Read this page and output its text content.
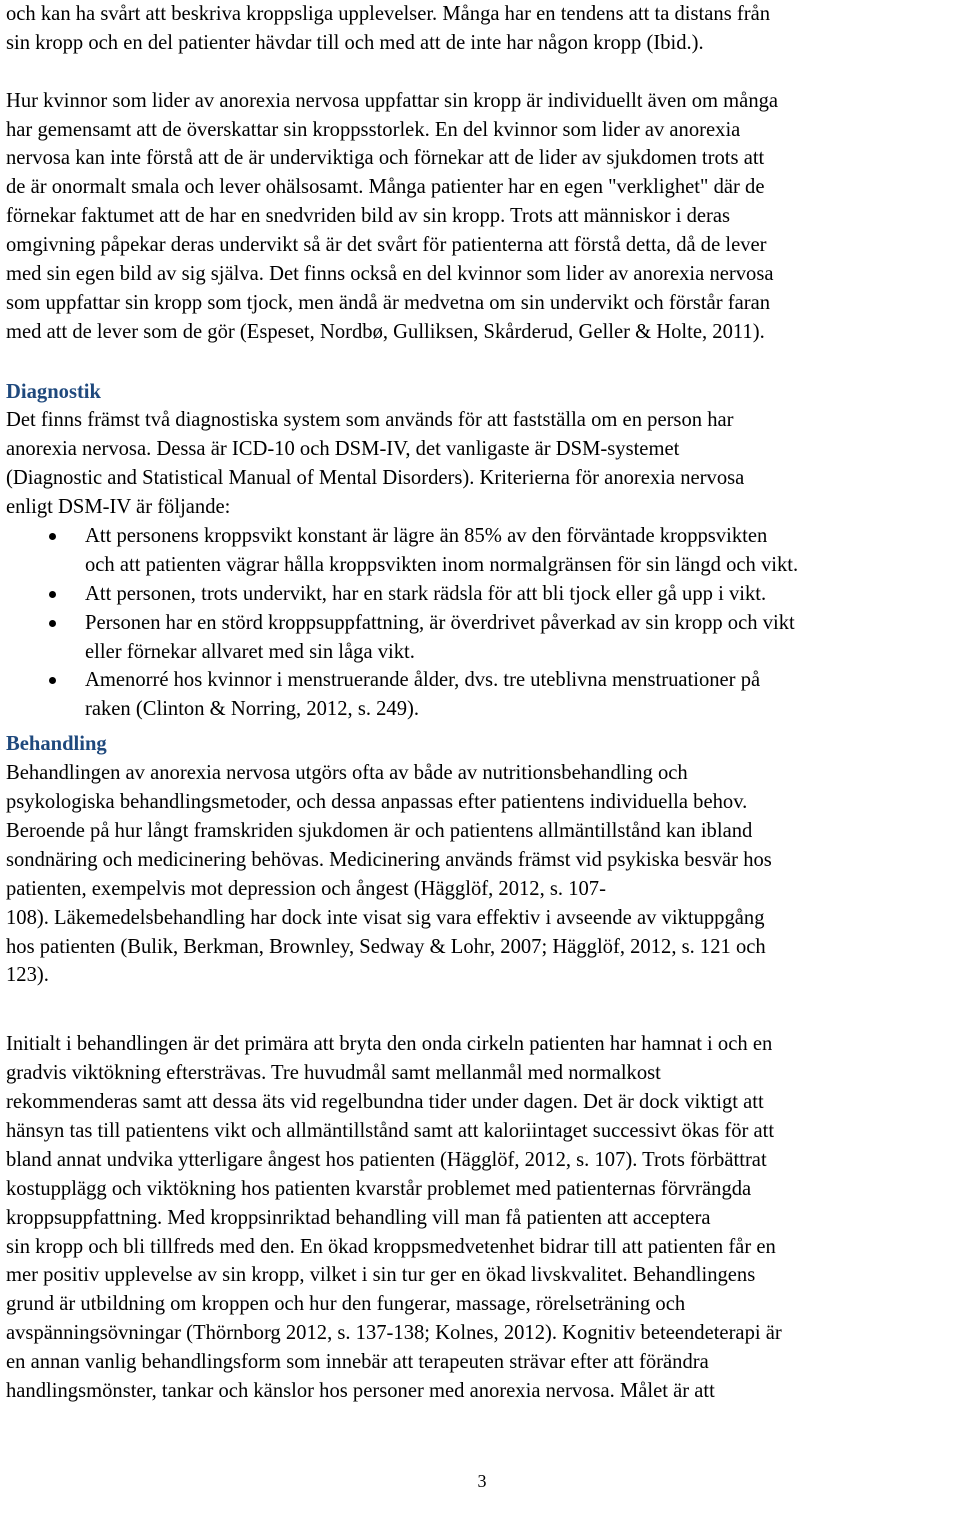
och kan ha svårt att beskriva kroppsliga upplevelser. Många har en tendens att ta distans från
sin kropp och en del patienter hävdar till och med att de inte har någon kropp (Ibid.).
Hur kvinnor som lider av anorexia nervosa uppfattar sin kropp är individuellt även om många
har gemensamt att de överskattar sin kroppsstorlek. En del kvinnor som lider av anorexia
nervosa kan inte förstå att de är underviktiga och förnekar att de lider av sjukdomen trots att
de är onormalt smala och lever ohälsosamt. Många patienter har en egen "verklighet" där de
förnekar faktumet att de har en snedvriden bild av sin kropp. Trots att människor i deras
omgivning påpekar deras undervikt så är det svårt för patienterna att förstå detta, då de lever
med sin egen bild av sig själva. Det finns också en del kvinnor som lider av anorexia nervosa
som uppfattar sin kropp som tjock, men ändå är medvetna om sin undervikt och förstår faran
med att de lever som de gör (Espeset, Nordbø, Gulliksen, Skårderud, Geller & Holte, 2011).
Diagnostik
Det finns främst två diagnostiska system som används för att fastställa om en person har
anorexia nervosa. Dessa är ICD-10 och DSM-IV, det vanligaste är DSM-systemet
(Diagnostic and Statistical Manual of Mental Disorders). Kriterierna för anorexia nervosa
enligt DSM-IV är följande:
Att personens kroppsvikt konstant är lägre än 85% av den förväntade kroppsvikten
och att patienten vägrar hålla kroppsvikten inom normalgränsen för sin längd och vikt.
Att personen, trots undervikt, har en stark rädsla för att bli tjock eller gå upp i vikt.
Personen har en störd kroppsuppfattning, är överdrivet påverkad av sin kropp och vikt
eller förnekar allvaret med sin låga vikt.
Amenorré hos kvinnor i menstruerande ålder, dvs. tre uteblivna menstruationer på
raken (Clinton & Norring, 2012, s. 249).
Behandling
Behandlingen av anorexia nervosa utgörs ofta av både av nutritionsbehandling och
psykologiska behandlingsmetoder, och dessa anpassas efter patientens individuella behov.
Beroende på hur långt framskriden sjukdomen är och patientens allmäntillstånd kan ibland
sondnäring och medicinering behövas. Medicinering används främst vid psykiska besvär hos
patienten, exempelvis mot depression och ångest (Hägglöf, 2012, s. 107-
108). Läkemedelsbehandling har dock inte visat sig vara effektiv i avseende av viktuppgång
hos patienten (Bulik, Berkman, Brownley, Sedway & Lohr, 2007; Hägglöf, 2012, s. 121 och
123).
Initialt i behandlingen är det primära att bryta den onda cirkeln patienten har hamnat i och en
gradvis viktökning eftersträvas. Tre huvudmål samt mellanmål med normalkost
rekommenderas samt att dessa äts vid regelbundna tider under dagen. Det är dock viktigt att
hänsyn tas till patientens vikt och allmäntillstånd samt att kaloriintaget successivt ökas för att
bland annat undvika ytterligare ångest hos patienten (Hägglöf, 2012, s. 107). Trots förbättrat
kostupplägg och viktökning hos patienten kvarstår problemet med patienternas förvrängda
kroppsuppfattning. Med kroppsinriktad behandling vill man få patienten att acceptera
sin kropp och bli tillfreds med den. En ökad kroppsmedvetenhet bidrar till att patienten får en
mer positiv upplevelse av sin kropp, vilket i sin tur ger en ökad livskvalitet. Behandlingens
grund är utbildning om kroppen och hur den fungerar, massage, rörelseträning och
avspänningsövningar (Thörnborg 2012, s. 137-138; Kolnes, 2012). Kognitiv beteendeterapi är
en annan vanlig behandlingsform som innebär att terapeuten strävar efter att förändra
handlingsmönster, tankar och känslor hos personer med anorexia nervosa. Målet är att
3
